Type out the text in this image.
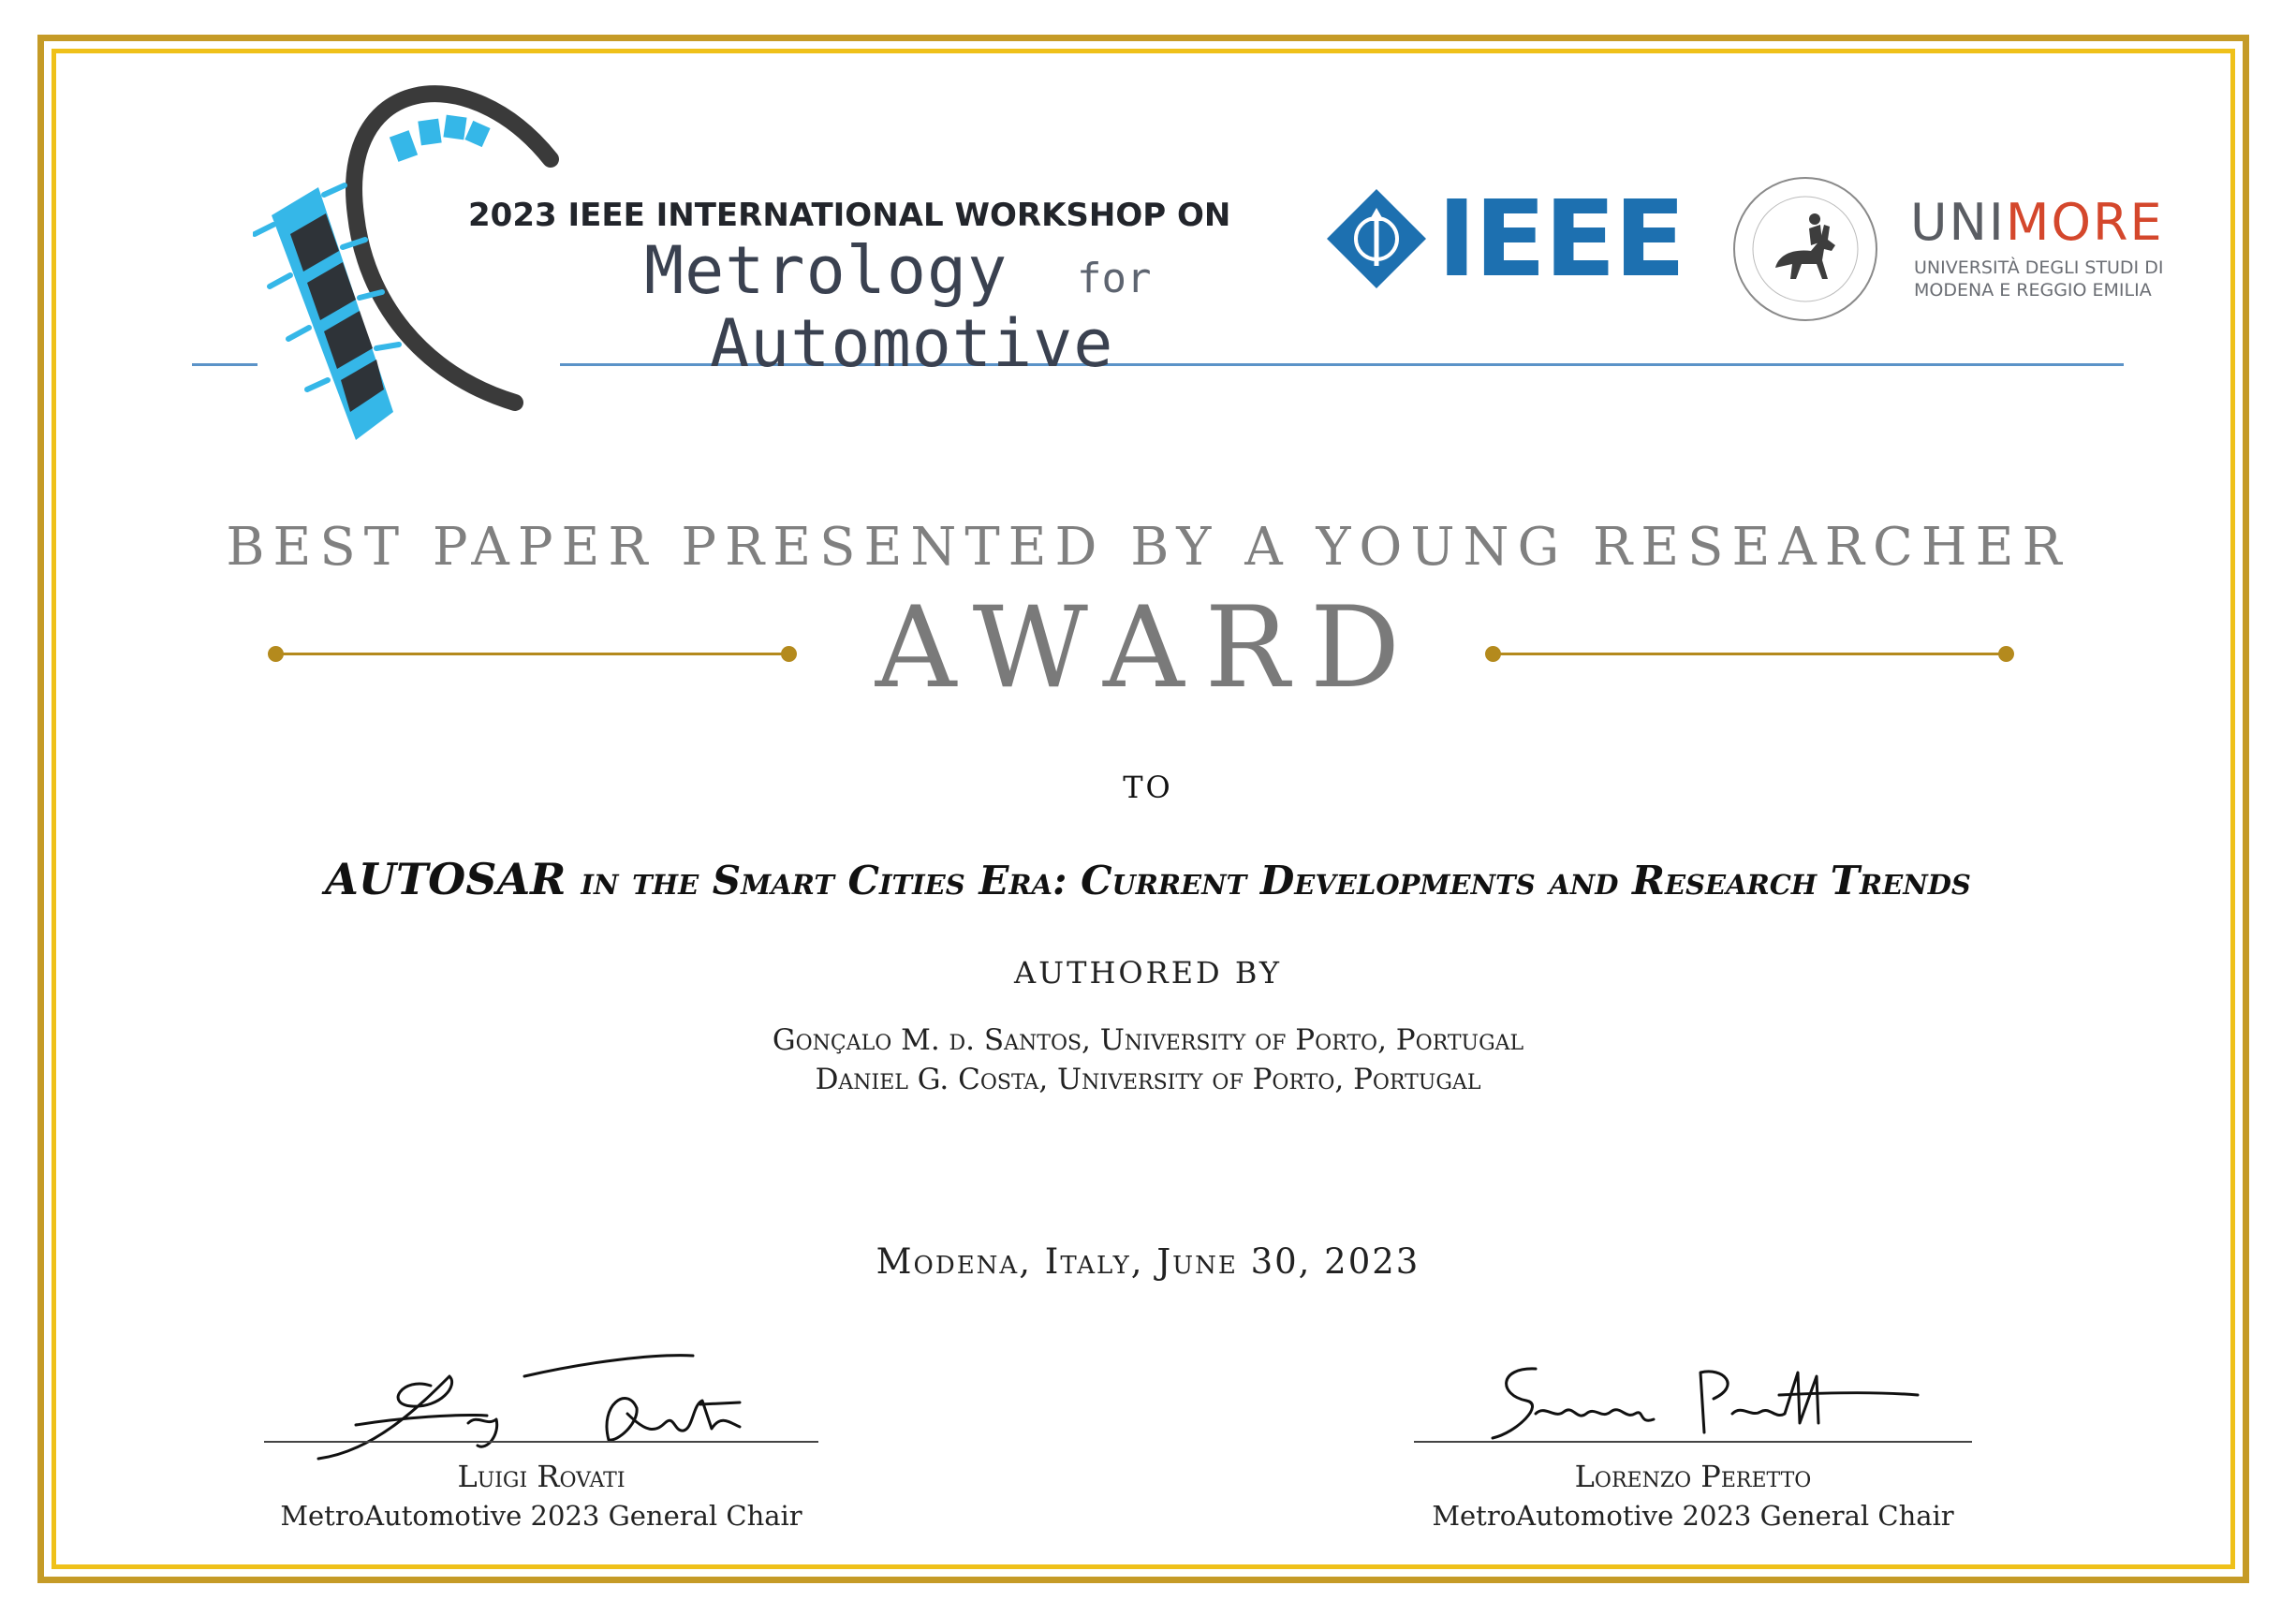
2023 IEEE INTERNATIONAL WORKSHOP ON
Metrology for
Automotive
IEEE	UNIMORE
UNIVERSITÀ DEGLI STUDI DI
MODENA E REGGIO EMILIA
BEST PAPER PRESENTED BY A YOUNG RESEARCHER
AWARD
TO
AUTOSAR in the Smart Cities Era: Current Developments and Research Trends
AUTHORED BY
Gonçalo M. d. Santos, University of Porto, Portugal
Daniel G. Costa, University of Porto, Portugal
Modena, Italy, June 30, 2023
Luigi Rovati
MetroAutomotive 2023 General Chair
Lorenzo Peretto
MetroAutomotive 2023 General Chair
